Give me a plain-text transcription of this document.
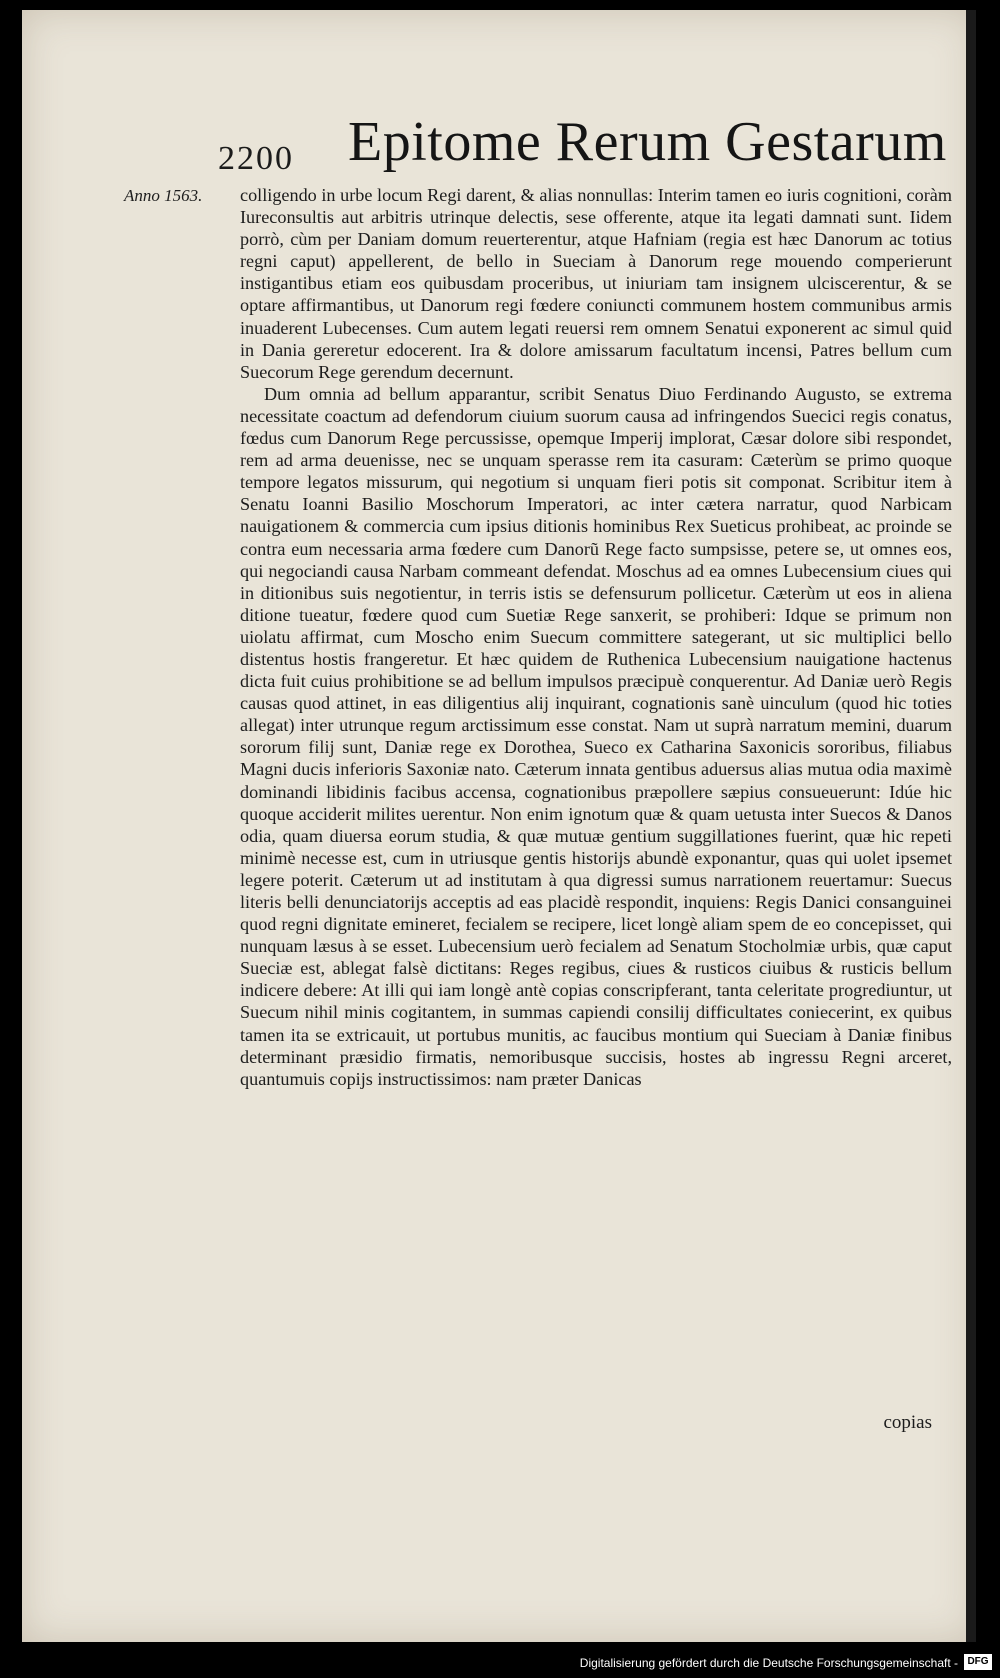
2200 Epitome Rerum Gestarum
Anno 1563. colligendo in urbe locum Regi darent, & alias nonnullas: Interim tamen eo iuris cognitioni, coràm Iureconsultis aut arbitris utrinque delectis, sese offerente, atque ita legati damnati sunt. Iidem porrò, cùm per Daniam domum reuerterentur, atque Hafniam (regia est hæc Danorum ac totius regni caput) appellerent, de bello in Sueciam à Danorum rege mouendo comperierunt instigantibus etiam eos quibusdam proceribus, ut iniuriam tam insignem ulciscerentur, & se optare affirmantibus, ut Danorum regi fœdere coniuncti communem hostem communibus armis inuaderent Lubecenses. Cum autem legati reuersi rem omnem Senatui exponerent ac simul quid in Dania gereretur edocerent. Ira & dolore amissarum facultatum incensi, Patres bellum cum Suecorum Rege gerendum decernunt.

Dum omnia ad bellum apparantur, scribit Senatus Diuo Ferdinando Augusto, se extrema necessitate coactum ad defendorum ciuium suorum causa ad infringendos Suecici regis conatus, fœdus cum Danorum Rege percussisse, opemque Imperij implorat, Cæsar dolore sibi respondet, rem ad arma deuenisse, nec se unquam sperasse rem ita casuram: Cæterùm se primo quoque tempore legatos missurum, qui negotium si unquam fieri potis sit componat. Scribitur item à Senatu Ioanni Basilio Moschorum Imperatori, ac inter cætera narratur, quod Narbicam nauigationem & commercia cum ipsius ditionis hominibus Rex Sueticus prohibeat, ac proinde se contra eum necessaria arma fœdere cum Danorũ Rege facto sumpsisse, petere se, ut omnes eos, qui negociandi causa Narbam commeant defendat. Moschus ad ea omnes Lubecensium ciues qui in ditionibus suis negotientur, in terris istis se defensurum pollicetur. Cæterùm ut eos in aliena ditione tueatur, fœdere quod cum Suetiæ Rege sanxerit, se prohiberi: Idque se primum non uiolatu affirmat, cum Moscho enim Suecum committere sategerant, ut sic multiplici bello distentus hostis frangeretur. Et hæc quidem de Ruthenica Lubecensium nauigatione hactenus dicta fuit cuius prohibitione se ad bellum impulsos præcipuè conquerentur. Ad Daniæ uerò Regis causas quod attinet, in eas diligentius alij inquirant, cognationis sanè uinculum (quod hic toties allegat) inter utrunque regum arctissimum esse constat. Nam ut suprà narratum memini, duarum sororum filij sunt, Daniæ rege ex Dorothea, Sueco ex Catharina Saxonicis sororibus, filiabus Magni ducis inferioris Saxoniæ nato. Cæterum innata gentibus aduersus alias mutua odia maximè dominandi libidinis facibus accensa, cognationibus præpollere sæpius consueuerunt: Idúe hic quoque acciderit milites uerentur. Non enim ignotum quæ & quam uetusta inter Suecos & Danos odia, quam diuersa eorum studia, & quæ mutuæ gentium suggillationes fuerint, quæ hic repeti minimè necesse est, cum in utriusque gentis historijs abundè exponantur, quas qui uolet ipsemet legere poterit. Cæterum ut ad institutam à qua digressi sumus narrationem reuertamur: Suecus literis belli denunciatorijs acceptis ad eas placidè respondit, inquiens: Regis Danici consanguinei quod regni dignitate emineret, fecialem se recipere, licet longè aliam spem de eo concepisset, qui nunquam læsus à se esset. Lubecensium uerò fecialem ad Senatum Stocholmiæ urbis, quæ caput Sueciæ est, ablegat falsè dictitans: Reges regibus, ciues & rusticos ciuibus & rusticis bellum indicere debere: At illi qui iam longè antè copias conscripferant, tanta celeritate progrediuntur, ut Suecum nihil minis cogitantem, in summas capiendi consilij difficultates coniecerint, ex quibus tamen ita se extricauit, ut portubus munitis, ac faucibus montium qui Sueciam à Daniæ finibus determinant præsidio firmatis, nemoribusque succisis, hostes ab ingressu Regni arceret, quantumuis copijs instructissimos: nam præter Danicas

copias
Digitalisierung gefördert durch die Deutsche Forschungsgemeinschaft - DFG
